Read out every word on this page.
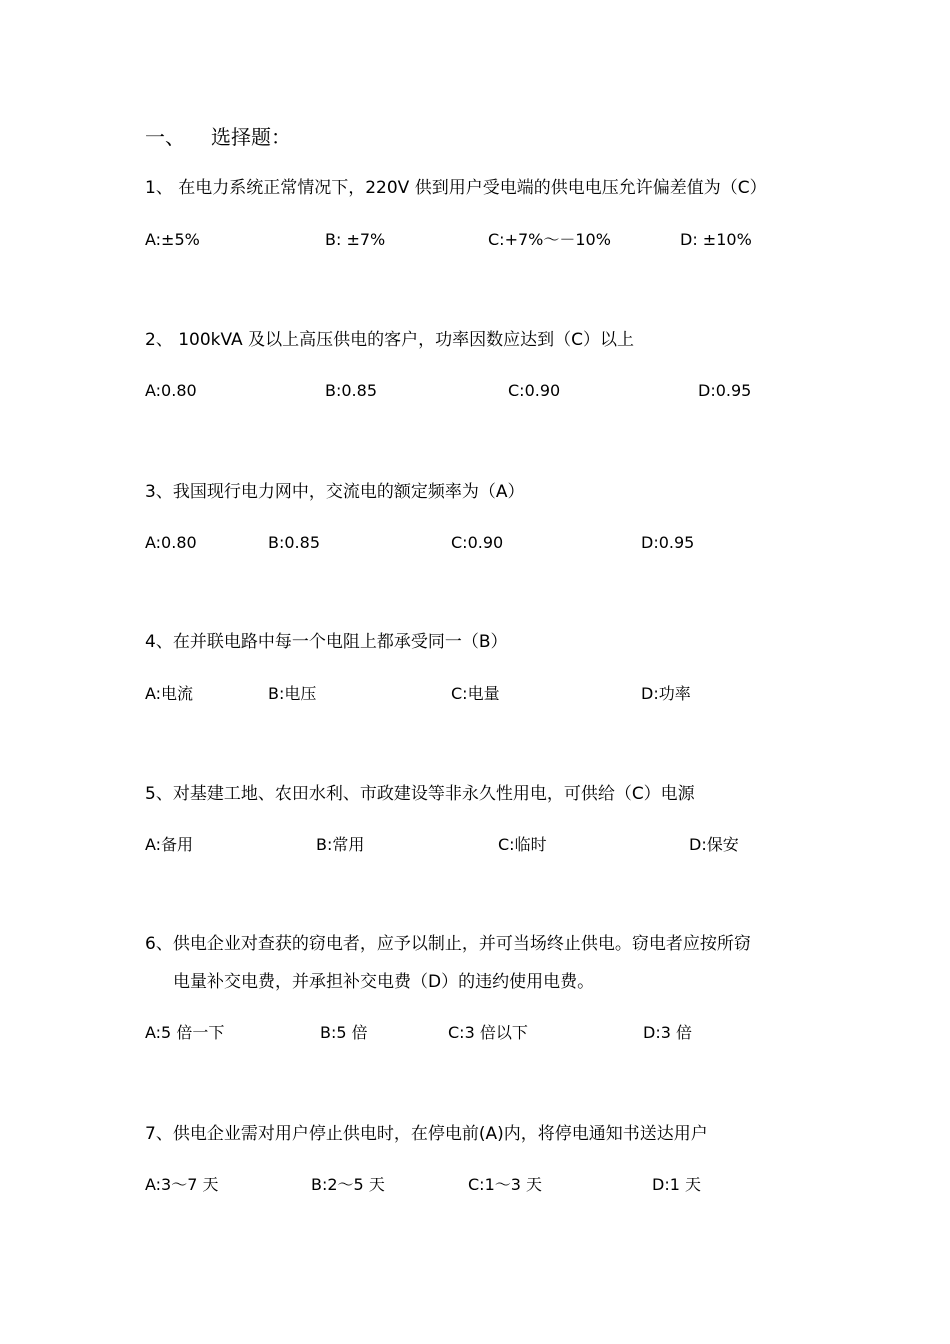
一、 选择题：
1、 在电力系统正常情况下，220V 供到用户受电端的供电电压允许偏差值为（C）
A:±5%	B: ±7%	C:+7%～－10%	D: ±10%
2、 100kVA 及以上高压供电的客户，功率因数应达到（C）以上
A:0.80	B:0.85	C:0.90	D:0.95
3、我国现行电力网中，交流电的额定频率为（A）
A:0.80	B:0.85	C:0.90	D:0.95
4、在并联电路中每一个电阻上都承受同一（B）
A:电流	B:电压	C:电量	D:功率
5、对基建工地、农田水利、市政建设等非永久性用电，可供给（C）电源
A:备用	B:常用	C:临时	D:保安
6、供电企业对查获的窃电者，应予以制止，并可当场终止供电。窃电者应按所窃
电量补交电费，并承担补交电费（D）的违约使用电费。
A:5 倍一下	B:5 倍	C:3 倍以下	D:3 倍
7、供电企业需对用户停止供电时，在停电前(A)内，将停电通知书送达用户
A:3～7 天	B:2～5 天	C:1～3 天	D:1 天
